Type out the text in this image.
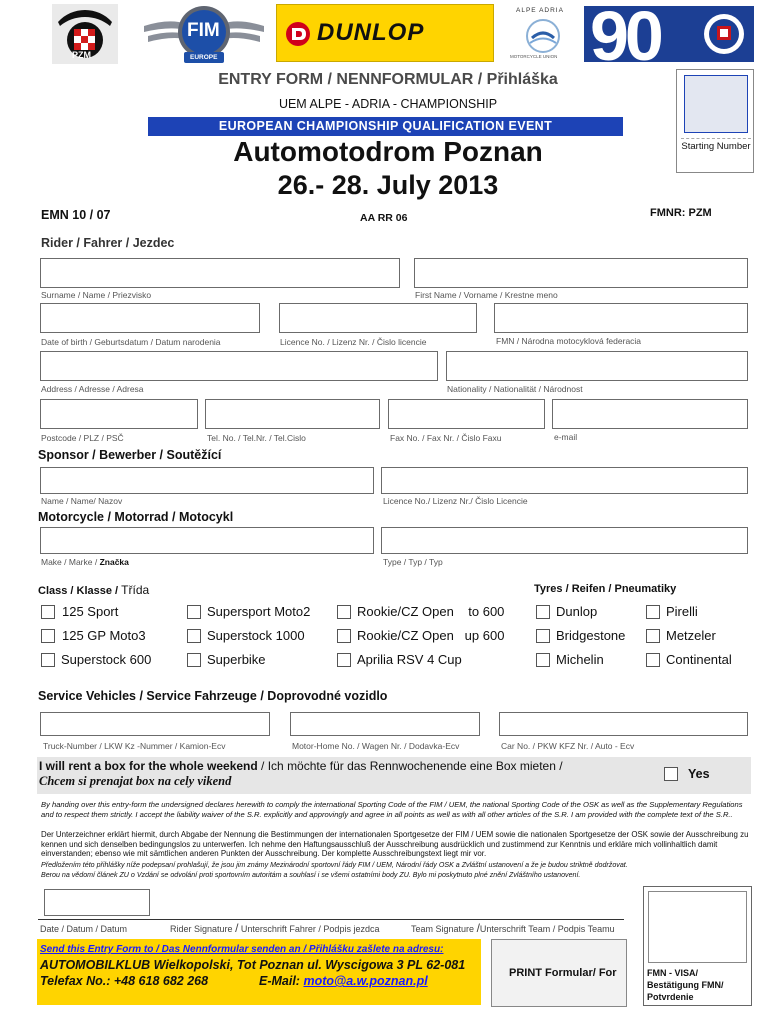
PZM
FIM
EUROPE
DUNLOP
ALPE ADRIA
MOTORCYCLE UNION 90
ENTRY FORM / NENNFORMULAR / Přihláška
UEM ALPE - ADRIA - CHAMPIONSHIP
EUROPEAN CHAMPIONSHIP QUALIFICATION EVENT
Automotodrom Poznan
26.- 28. July 2013
EMN 10 / 07	AA RR 06	FMNR: PZM
Starting Number
Rider / Fahrer / Jezdec
Surname / Name / Priezvisko	First Name / Vorname / Krestne meno
Date of birth / Geburtsdatum / Datum narodenia	Licence No. / Lizenz Nr. / Čislo licencie	FMN / Národna motocyklová federacia
Address / Adresse / Adresa	Nationality / Nationalität / Národnost
Postcode / PLZ / PSČ	Tel. No. / Tel.Nr. / Tel.Cislo	Fax No. / Fax Nr. / Čislo Faxu	e-mail
Sponsor / Bewerber / Soutěžící
Name / Name/ Nazov	Licence No./ Lizenz Nr./ Čislo Licencie
Motorcycle / Motorrad / Motocykl
Make / Marke / Značka	Type / Typ / Typ
Class / Klasse / Třída	Tyres / Reifen / Pneumatiky
125 Sport	Supersport Moto2	Rookie/CZ Open    to 600	Dunlop	Pirelli
125 GP Moto3	Superstock 1000	Rookie/CZ Open   up 600	Bridgestone	Metzeler
Superstock 600	Superbike	Aprilia RSV 4 Cup	Michelin	Continental
Service Vehicles / Service Fahrzeuge / Doprovodné vozidlo
Truck-Number / LKW Kz -Nummer / Kamion-Ecv	Motor-Home No. / Wagen Nr. / Dodavka-Ecv	Car No. / PKW KFZ Nr. / Auto - Ecv
I will rent a box for the whole weekend / Ich möchte für das Rennwochenende eine Box mieten /
Chcem si prenajat box na cely vikend	Yes
By handing over this entry-form the undersigned declares herewith to comply the international Sporting Code of the FIM / UEM, the national Sporting Code of the OSK as well as the Supplementary Regulations and to respect them strictly. I accept the liability waiver of the S.R. explicitly and approvingly and agree in all points as well as with all other articles of the S.R. I am provided with the complete text of the S.R..
Der Unterzeichner erklärt hiermit, durch Abgabe der Nennung die Bestimmungen der internationalen Sportgesetze der FIM / UEM sowie die nationalen Sportgesetze der OSK sowie der Ausschreibung zu kennen und sich denselben bedingungslos zu unterwerfen. Ich nehme den Haftungsausschluß der Ausschreibung ausdrücklich und zustimmend zur Kenntnis und erkläre mich vollinhaltlich damit einverstanden; ebenso wie mit sämtlichen anderen Punkten der Ausschreibung. Der komplette Ausschreibungstext liegt mir vor.
Předložením této přihlášky níže podepsaní prohlašují, že jsou jim známy Mezinárodní sportovní řády FIM / UEM, Národní řády OSK a Zvláštní ustanovení a že je budou striktně dodržovat.
Berou na vědomí článek ZU o Vzdání se odvolání proti sportovním autoritám a souhlasí i se všemi ostatními body ZU. Bylo mi poskytnuto plné znění Zvláštního ustanovení.
Date / Datum / Datum	Rider Signature / Unterschrift Fahrer / Podpis jezdca	Team Signature /Unterschrift Team / Podpis Teamu
FMN - VISA/ Bestätigung FMN/ Potvrdenie
Send this Entry Form to / Das Nennformular senden an / Přihlášku zašlete na adresu:
AUTOMOBILKLUB Wielkopolski, Tot Poznan ul. Wyscigowa 3 PL 62-081
Telefax No.: +48 618 682 268	E-Mail: moto@a.w.poznan.pl
PRINT Formular/ For
